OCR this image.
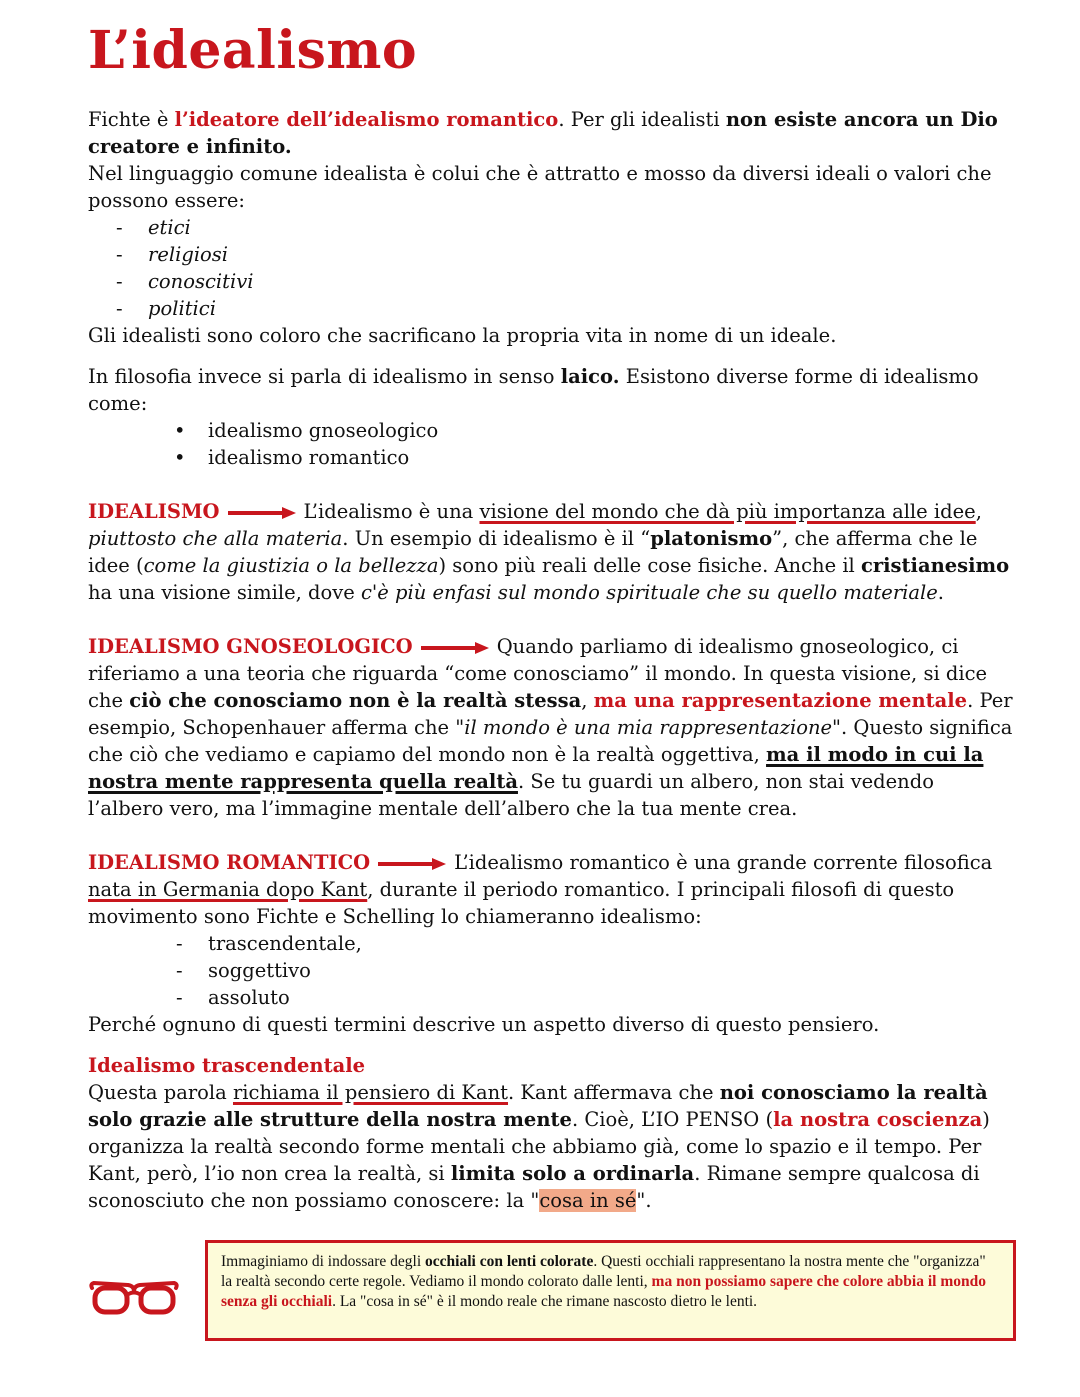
L’idealismo

Fichte è l’ideatore dell’idealismo romantico. Per gli idealisti non esiste ancora un Dio creatore e infinito.

Nel linguaggio comune idealista è colui che è attratto e mosso da diversi ideali o valori che possono essere:

- etici
- religiosi
- conoscitivi
- politici

Gli idealisti sono coloro che sacrificano la propria vita in nome di un ideale.

In filosofia invece si parla di idealismo in senso laico. Esistono diverse forme di idealismo come:

• idealismo gnoseologico
• idealismo romantico

IDEALISMO	L’idealismo è una visione del mondo che dà più importanza alle idee, piuttosto che alla materia. Un esempio di idealismo è il “platonismo”, che afferma che le idee (come la giustizia o la bellezza) sono più reali delle cose fisiche. Anche il cristianesimo ha una visione simile, dove c'è più enfasi sul mondo spirituale che su quello materiale.

IDEALISMO GNOSEOLOGICO	Quando parliamo di idealismo gnoseologico, ci riferiamo a una teoria che riguarda “come conosciamo” il mondo. In questa visione, si dice che ciò che conosciamo non è la realtà stessa, ma una rappresentazione mentale. Per esempio, Schopenhauer afferma che "il mondo è una mia rappresentazione". Questo significa che ciò che vediamo e capiamo del mondo non è la realtà oggettiva, ma il modo in cui la nostra mente rappresenta quella realtà. Se tu guardi un albero, non stai vedendo l’albero vero, ma l’immagine mentale dell’albero che la tua mente crea.

IDEALISMO ROMANTICO	L’idealismo romantico è una grande corrente filosofica nata in Germania dopo Kant, durante il periodo romantico. I principali filosofi di questo movimento sono Fichte e Schelling lo chiameranno idealismo:

- trascendentale,
- soggettivo
- assoluto

Perché ognuno di questi termini descrive un aspetto diverso di questo pensiero.

Idealismo trascendentale

Questa parola richiama il pensiero di Kant. Kant affermava che noi conosciamo la realtà solo grazie alle strutture della nostra mente. Cioè, L’IO PENSO (la nostra coscienza) organizza la realtà secondo forme mentali che abbiamo già, come lo spazio e il tempo. Per Kant, però, l’io non crea la realtà, si limita solo a ordinarla. Rimane sempre qualcosa di sconosciuto che non possiamo conoscere: la "cosa in sé".

Immaginiamo di indossare degli occhiali con lenti colorate. Questi occhiali rappresentano la nostra mente che "organizza" la realtà secondo certe regole. Vediamo il mondo colorato dalle lenti, ma non possiamo sapere che colore abbia il mondo senza gli occhiali. La "cosa in sé" è il mondo reale che rimane nascosto dietro le lenti.
